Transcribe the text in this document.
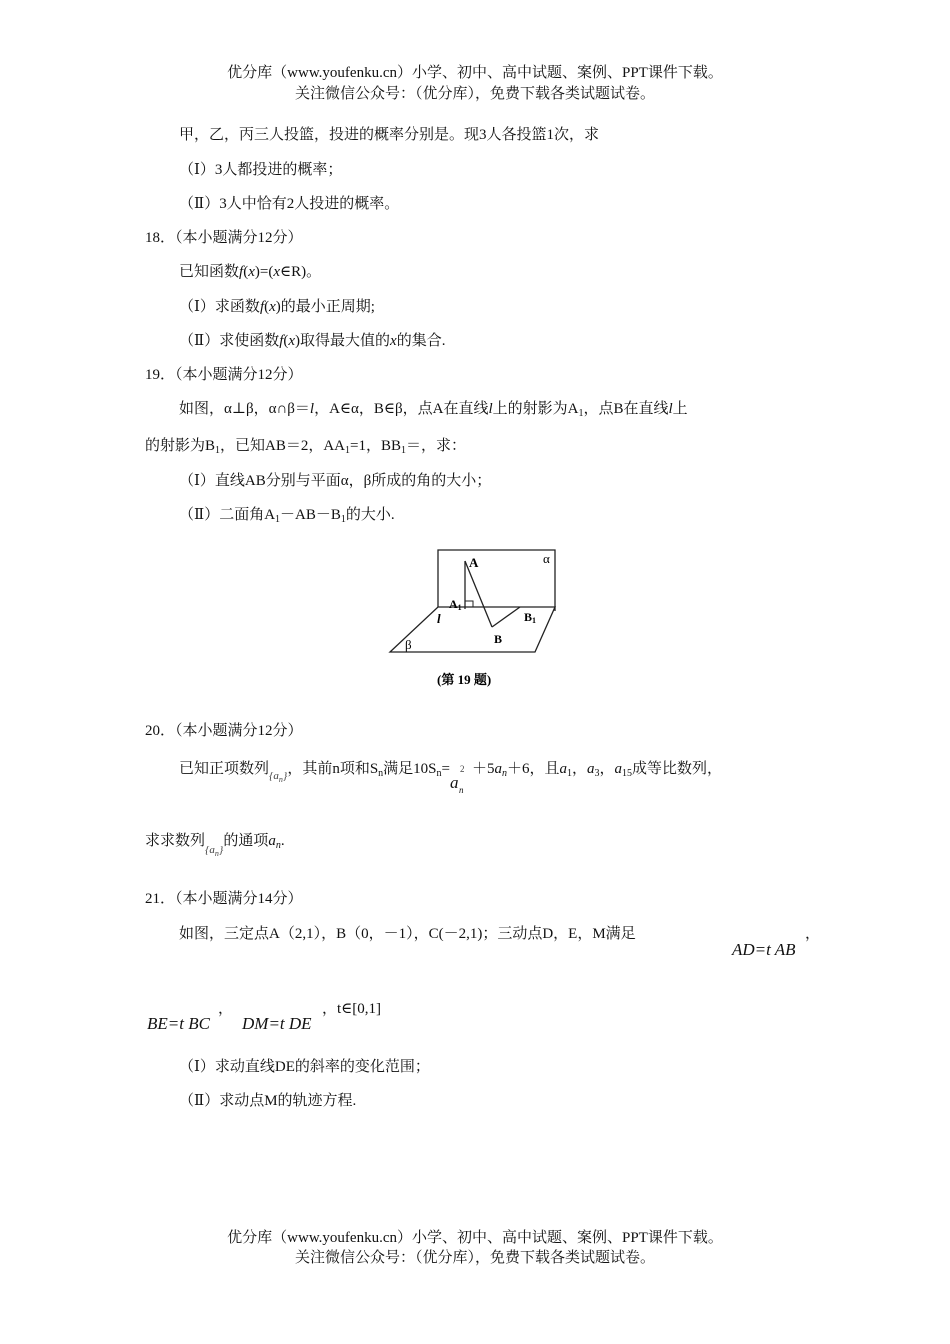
优分库（www.youfenku.cn）小学、初中、高中试题、案例、PPT课件下载。
关注微信公众号：（优分库），免费下载各类试题试卷。
甲，乙，丙三人投篮，投进的概率分别是。现3人各投篮1次，求
（Ⅰ）3人都投进的概率；
（Ⅱ）3人中恰有2人投进的概率。
18．（本小题满分12分）
已知函数f(x)=(x∈R)。
（Ⅰ）求函数f(x)的最小正周期;
（Ⅱ）求使函数f(x)取得最大值的x的集合.
19．（本小题满分12分）
如图，α⊥β，α∩β＝l，A∈α，B∈β，点A在直线l上的射影为$A_1$，点B在直线l上
的射影为$B_1$，已知AB＝2，$AA_1=1$，$BB_1=$，求：
（Ⅰ）直线AB分别与平面α，β所成的角的大小；
（Ⅱ）二面角$A_1-AB-B_1$的大小.
A	α
A1
l	B1
B
β
(第 19 题)
20．（本小题满分12分）
已知正项数列$_{\{a_n\}}$，其前n项和$S_n$满足$10S_n=$
a n
$2 +5a_n+6$，且$a_1$，$a_3$，$a_{15}$成等比数列，
求求数列$_{\{a_n\}}$的通项$a_n$.
21．（本小题满分14分）
如图，三定点A（2,1），B（0，－1），C(－2,1)；三动点D，E，M满足
AD=t AB
，
BE=t BC
，
DM=t DE
，t∈[0,1]
（Ⅰ）求动直线DE的斜率的变化范围；
（Ⅱ）求动点M的轨迹方程.
优分库（www.youfenku.cn）小学、初中、高中试题、案例、PPT课件下载。
关注微信公众号：（优分库），免费下载各类试题试卷。
